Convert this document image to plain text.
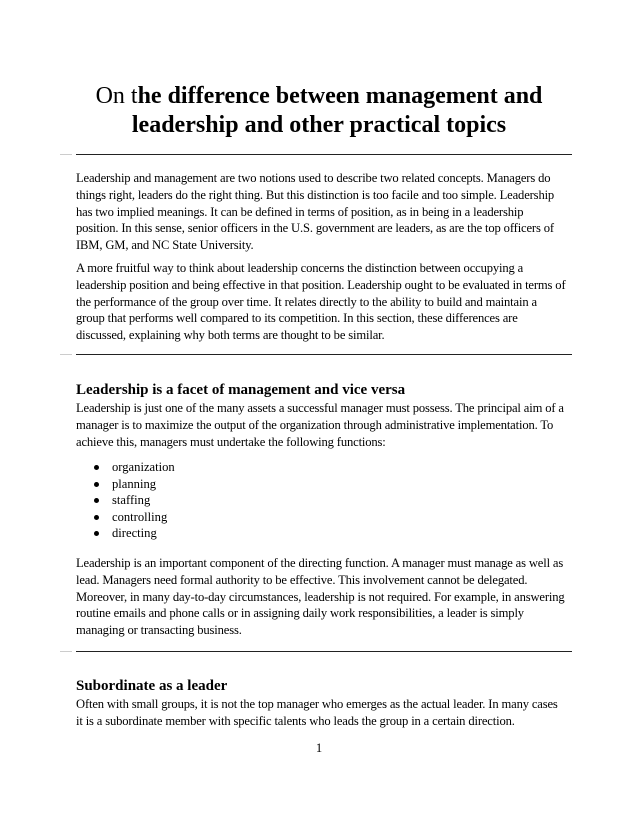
On the difference between management and leadership and other practical topics

Leadership and management are two notions used to describe two related concepts. Managers do things right, leaders do the right thing. But this distinction is too facile and too simple. Leadership has two implied meanings. It can be defined in terms of position, as in being in a leadership position. In this sense, senior officers in the U.S. government are leaders, as are the top officers of IBM, GM, and NC State University.

A more fruitful way to think about leadership concerns the distinction between occupying a leadership position and being effective in that position. Leadership ought to be evaluated in terms of the performance of the group over time. It relates directly to the ability to build and maintain a group that performs well compared to its competition. In this section, these differences are discussed, explaining why both terms are thought to be similar.

Leadership is a facet of management and vice versa

Leadership is just one of the many assets a successful manager must possess. The principal aim of a manager is to maximize the output of the organization through administrative implementation. To achieve this, managers must undertake the following functions:

organization
planning
staffing
controlling
directing

Leadership is an important component of the directing function. A manager must manage as well as lead. Managers need formal authority to be effective. This involvement cannot be delegated. Moreover, in many day-to-day circumstances, leadership is not required. For example, in answering routine emails and phone calls or in assigning daily work responsibilities, a leader is simply managing or transacting business.

Subordinate as a leader

Often with small groups, it is not the top manager who emerges as the actual leader. In many cases it is a subordinate member with specific talents who leads the group in a certain direction.

1
